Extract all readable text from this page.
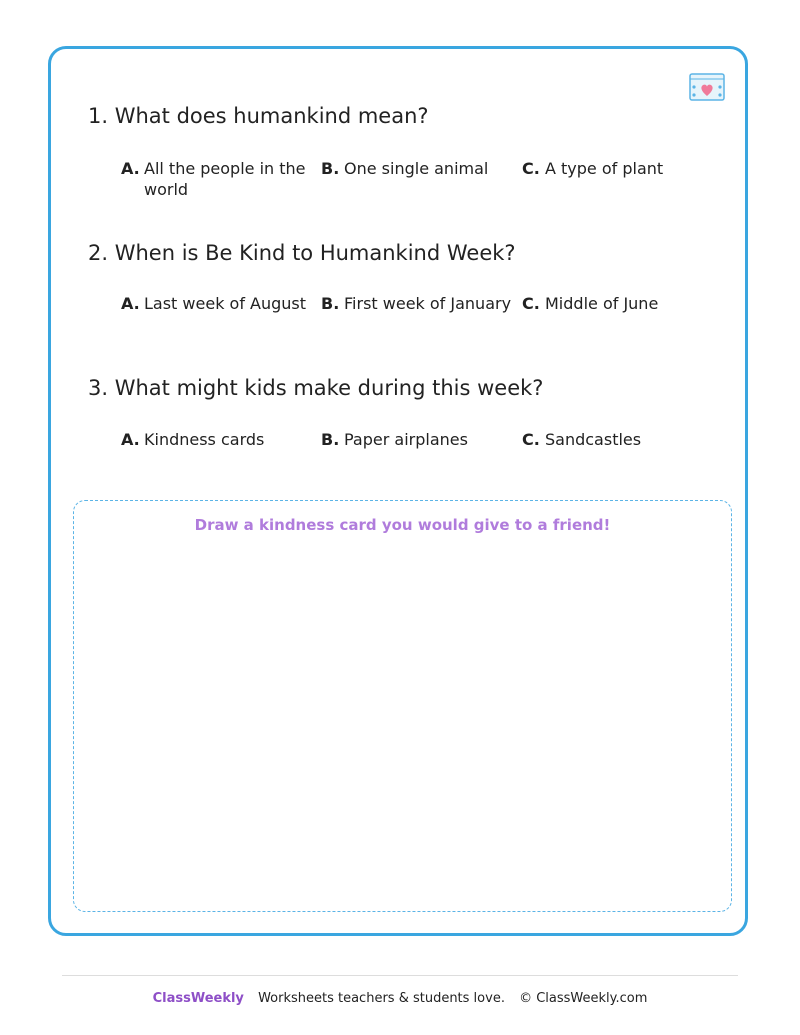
1. What does humankind mean?
A. All the people in the
world
B. One single animal C. A type of plant
2. When is Be Kind to Humankind Week?
A. Last week of August B. First week of January C. Middle of June
3. What might kids make during this week?
A. Kindness cards	B. Paper airplanes	C. Sandcastles
Draw a kindness card you would give to a friend!
ClassWeekly Worksheets teachers & students love. © ClassWeekly.com
